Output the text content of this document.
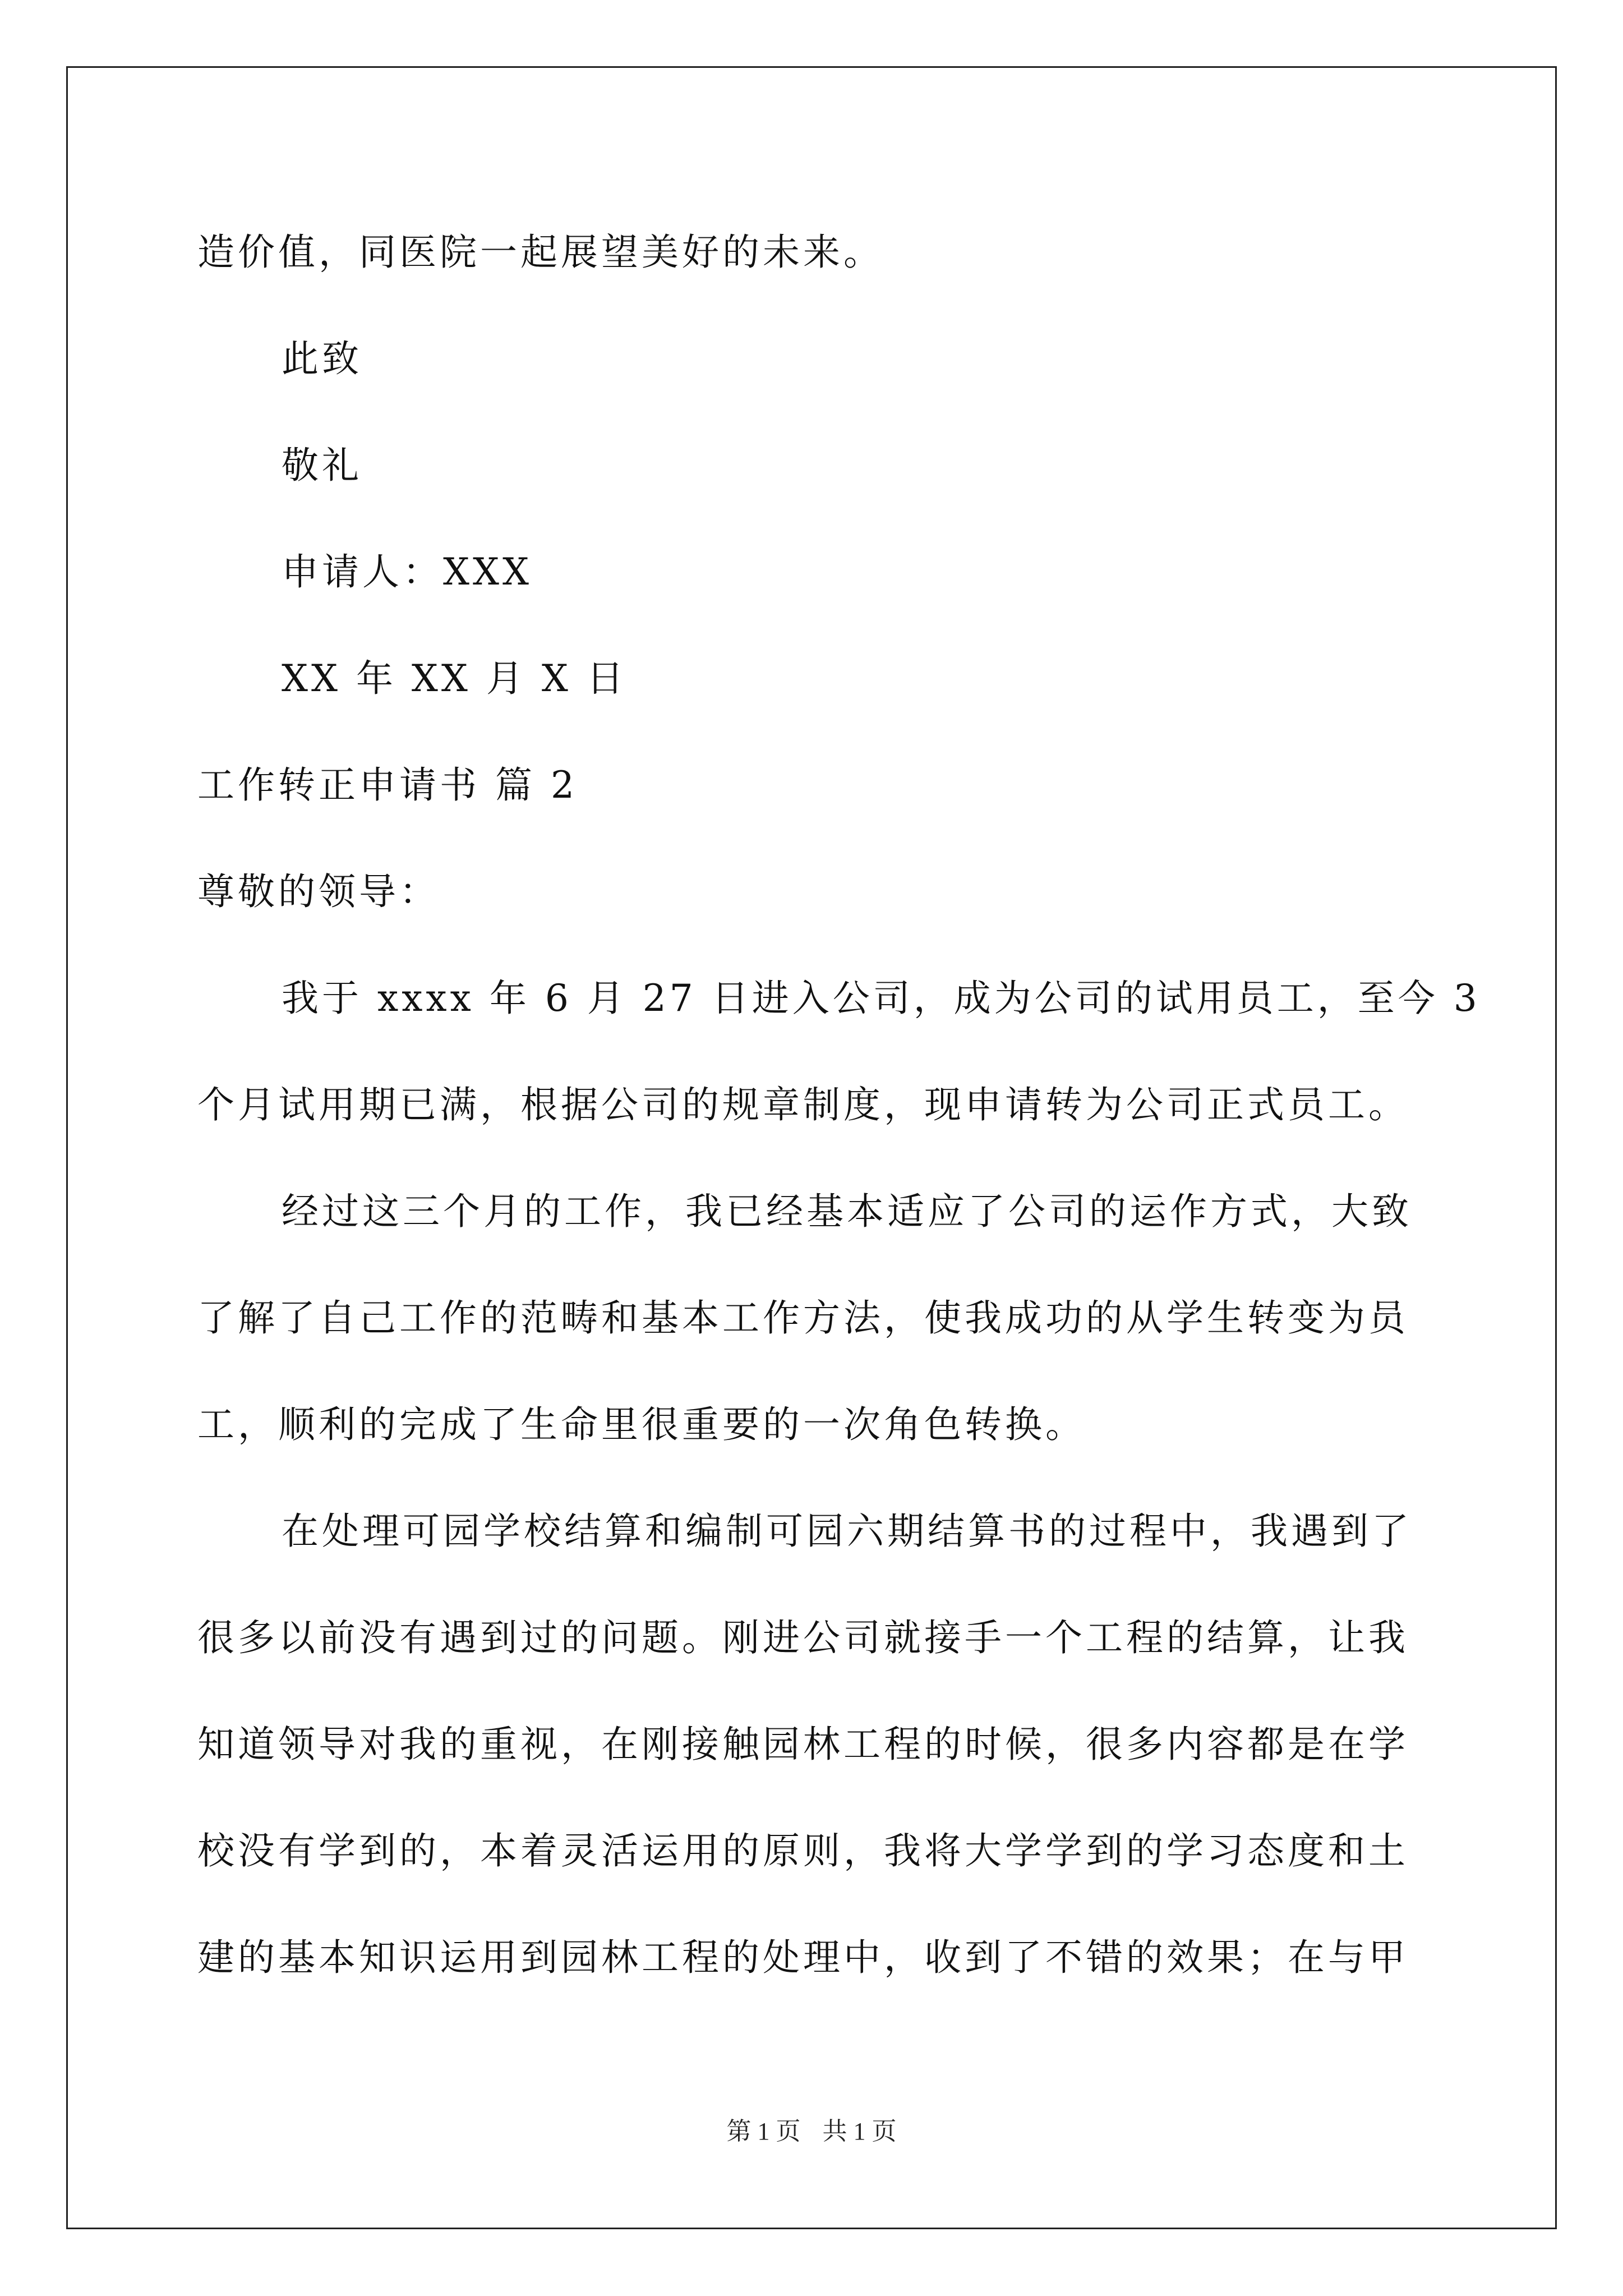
造价值，同医院一起展望美好的未来。
此致
敬礼
申请人：XXX
XX 年 XX 月 X 日
工作转正申请书 篇 2
尊敬的领导：
我于 xxxx 年 6 月 27 日进入公司，成为公司的试用员工，至今 3
个月试用期已满，根据公司的规章制度，现申请转为公司正式员工。
经过这三个月的工作，我已经基本适应了公司的运作方式，大致
了解了自己工作的范畴和基本工作方法，使我成功的从学生转变为员
工，顺利的完成了生命里很重要的一次角色转换。
在处理可园学校结算和编制可园六期结算书的过程中，我遇到了
很多以前没有遇到过的问题。刚进公司就接手一个工程的结算，让我
知道领导对我的重视，在刚接触园林工程的时候，很多内容都是在学
校没有学到的，本着灵活运用的原则，我将大学学到的学习态度和土
建的基本知识运用到园林工程的处理中，收到了不错的效果；在与甲
第 1 页 共 1 页
